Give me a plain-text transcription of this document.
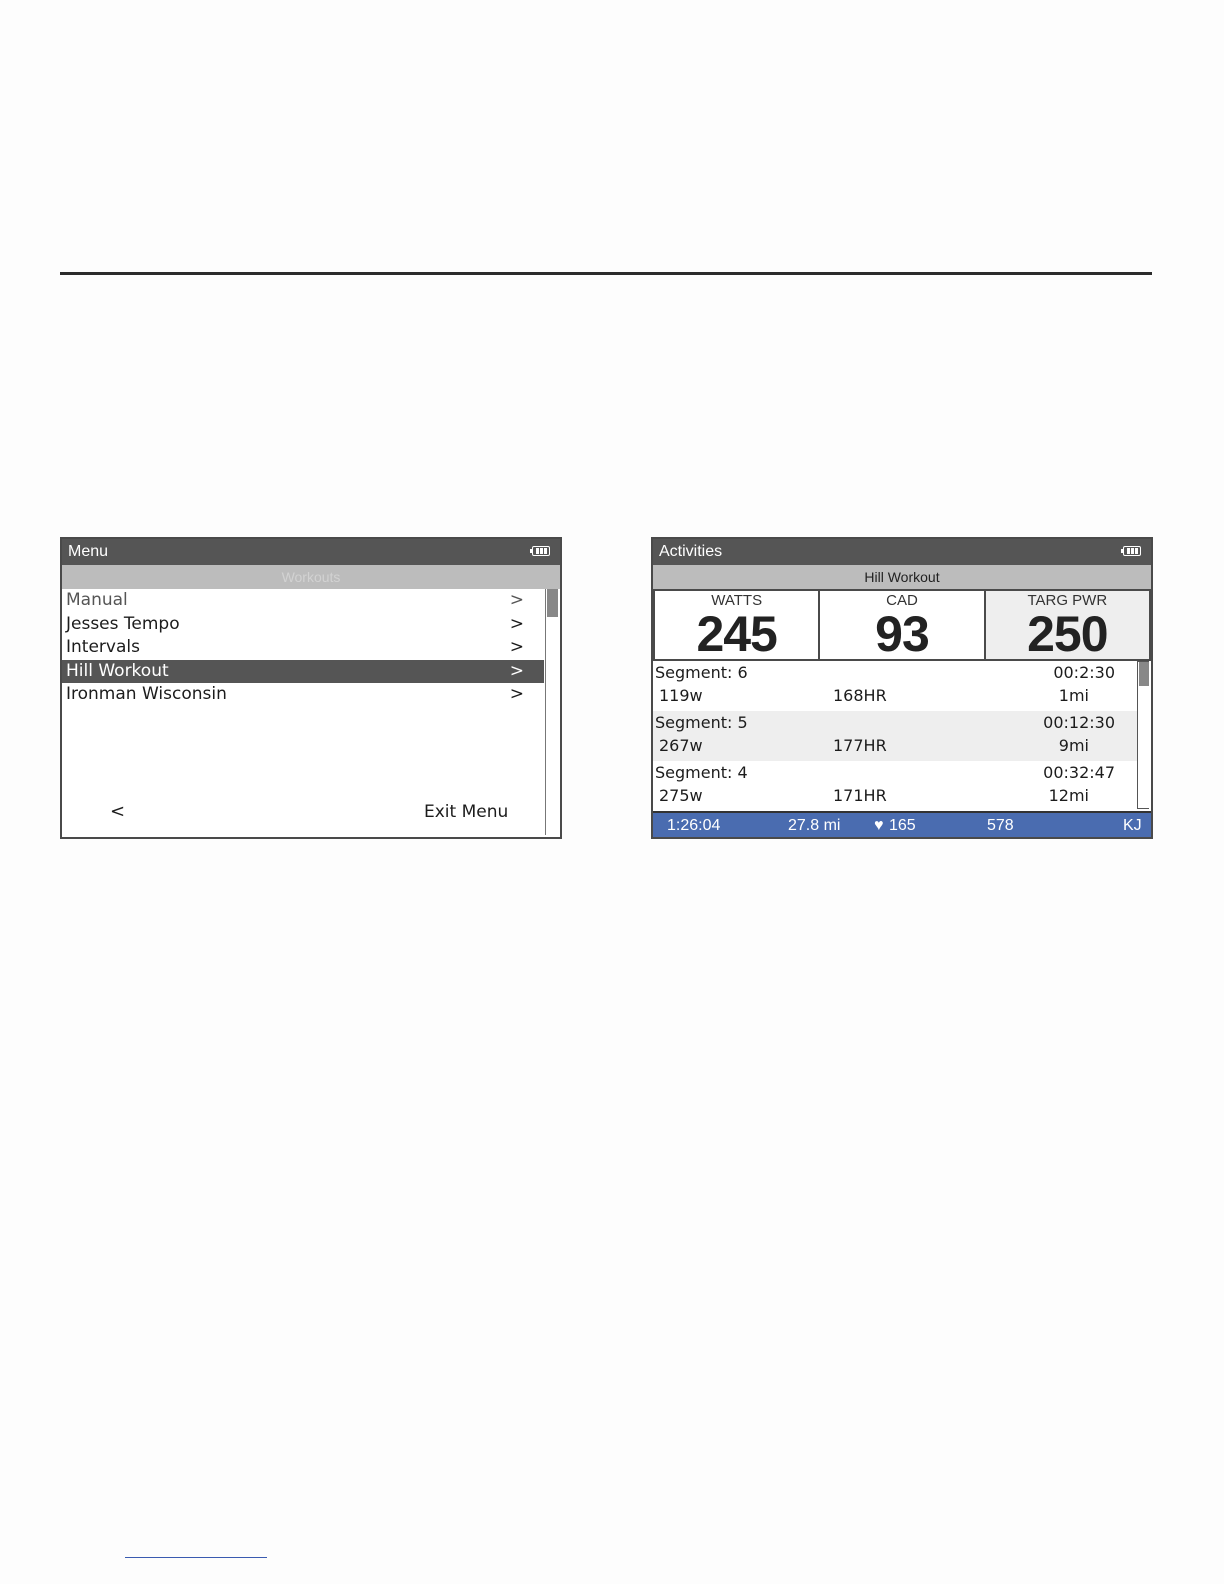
Menu
Workouts
Manual	>
Jesses Tempo	>
Intervals	>
Hill Workout	>
Ironman Wisconsin	>
<	Exit Menu
Activities
Hill Workout
WATTS
245
CAD
93
TARG PWR
250
Segment: 6	00:2:30
119w	168HR	1mi
Segment: 5	00:12:30
267w	177HR	9mi
Segment: 4	00:32:47
275w	171HR	12mi
1:26:04	27.8 mi ♥ 165	578	KJ
